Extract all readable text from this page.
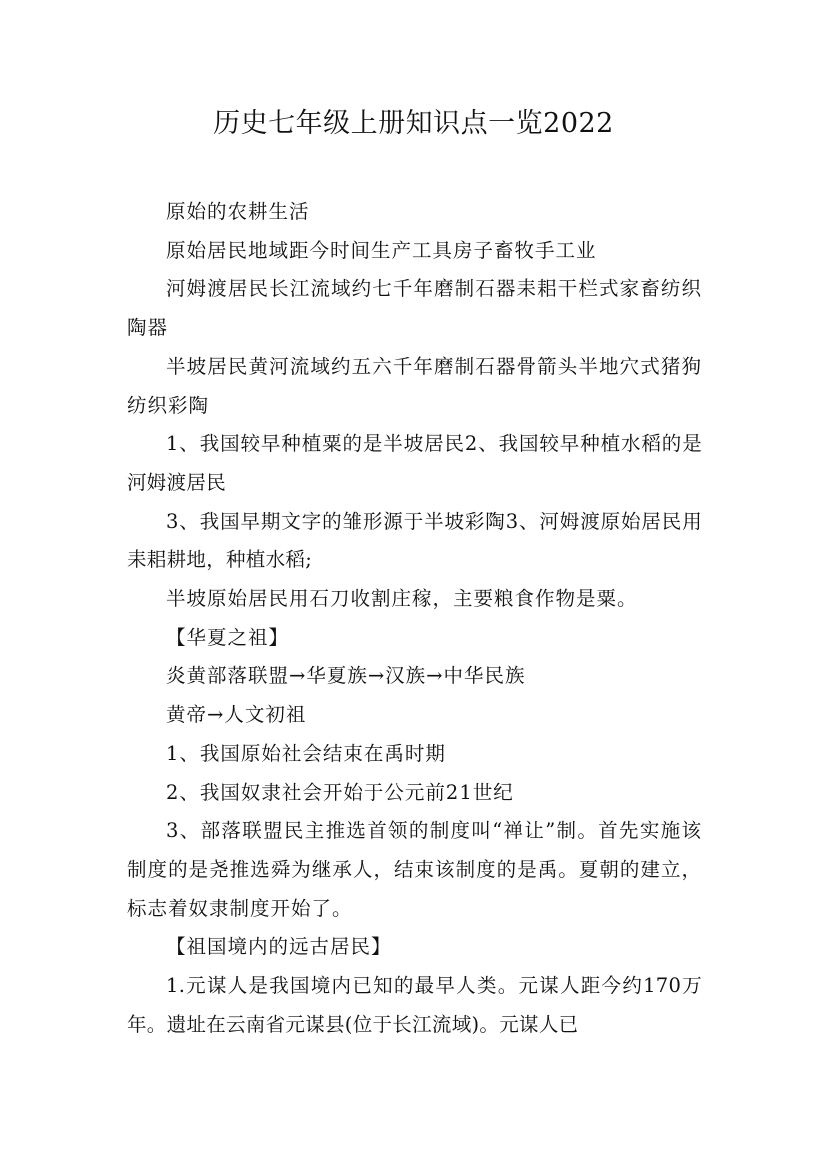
历史七年级上册知识点一览2022

原始的农耕生活

原始居民地域距今时间生产工具房子畜牧手工业

河姆渡居民长江流域约七千年磨制石器耒耜干栏式家畜纺织陶器

半坡居民黄河流域约五六千年磨制石器骨箭头半地穴式猪狗纺织彩陶

1、我国较早种植粟的是半坡居民2、我国较早种植水稻的是河姆渡居民

3、我国早期文字的雏形源于半坡彩陶3、河姆渡原始居民用耒耜耕地，种植水稻;

半坡原始居民用石刀收割庄稼，主要粮食作物是粟。

【华夏之祖】

炎黄部落联盟→华夏族→汉族→中华民族

黄帝→人文初祖

1、我国原始社会结束在禹时期

2、我国奴隶社会开始于公元前21世纪

3、部落联盟民主推选首领的制度叫“禅让”制。首先实施该制度的是尧推选舜为继承人，结束该制度的是禹。夏朝的建立，标志着奴隶制度开始了。

【祖国境内的远古居民】

1.元谋人是我国境内已知的最早人类。元谋人距今约170万年。遗址在云南省元谋县(位于长江流域)。元谋人已
